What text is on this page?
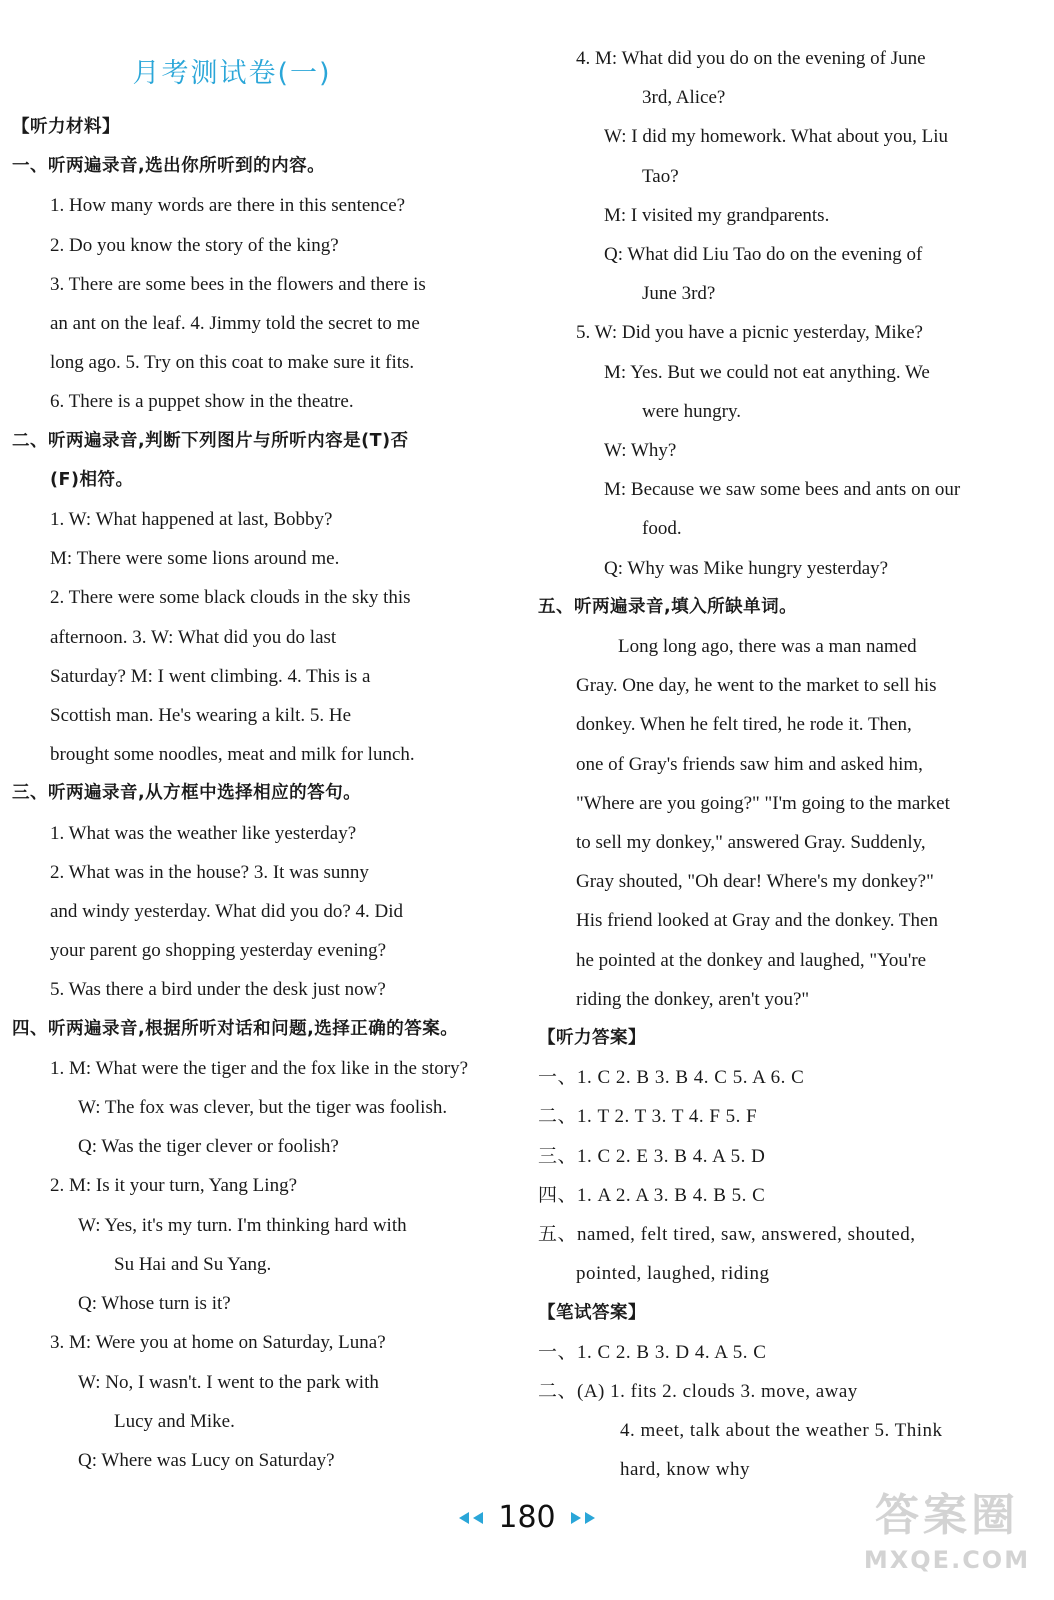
月考测试卷(一)
【听力材料】
一、听两遍录音,选出你所听到的内容。
1. How many words are there in this sentence?
2. Do you know the story of the king?
3. There are some bees in the flowers and there is
an ant on the leaf. 4. Jimmy told the secret to me
long ago. 5. Try on this coat to make sure it fits.
6. There is a puppet show in the theatre.
二、听两遍录音,判断下列图片与所听内容是(T)否
(F)相符。
1. W: What happened at last, Bobby?
M: There were some lions around me.
2. There were some black clouds in the sky this
afternoon. 3. W: What did you do last
Saturday? M: I went climbing. 4. This is a
Scottish man. He's wearing a kilt. 5. He
brought some noodles, meat and milk for lunch.
三、听两遍录音,从方框中选择相应的答句。
1. What was the weather like yesterday?
2. What was in the house? 3. It was sunny
and windy yesterday. What did you do? 4. Did
your parent go shopping yesterday evening?
5. Was there a bird under the desk just now?
四、听两遍录音,根据所听对话和问题,选择正确的答案。
1. M: What were the tiger and the fox like in the story?
W: The fox was clever, but the tiger was foolish.
Q: Was the tiger clever or foolish?
2. M: Is it your turn, Yang Ling?
W: Yes, it's my turn. I'm thinking hard with
Su Hai and Su Yang.
Q: Whose turn is it?
3. M: Were you at home on Saturday, Luna?
W: No, I wasn't. I went to the park with
Lucy and Mike.
Q: Where was Lucy on Saturday?
4. M: What did you do on the evening of June
3rd, Alice?
W: I did my homework. What about you, Liu
Tao?
M: I visited my grandparents.
Q: What did Liu Tao do on the evening of
June 3rd?
5. W: Did you have a picnic yesterday, Mike?
M: Yes. But we could not eat anything. We
were hungry.
W: Why?
M: Because we saw some bees and ants on our
food.
Q: Why was Mike hungry yesterday?
五、听两遍录音,填入所缺单词。
Long long ago, there was a man named
Gray. One day, he went to the market to sell his
donkey. When he felt tired, he rode it. Then,
one of Gray's friends saw him and asked him,
"Where are you going?" "I'm going to the market
to sell my donkey," answered Gray. Suddenly,
Gray shouted, "Oh dear! Where's my donkey?"
His friend looked at Gray and the donkey. Then
he pointed at the donkey and laughed, "You're
riding the donkey, aren't you?"
【听力答案】
一、1. C 2. B 3. B 4. C 5. A 6. C
二、1. T 2. T 3. T 4. F 5. F
三、1. C 2. E 3. B 4. A 5. D
四、1. A 2. A 3. B 4. B 5. C
五、named, felt tired, saw, answered, shouted,
pointed, laughed, riding
【笔试答案】
一、1. C 2. B 3. D 4. A 5. C
二、(A) 1. fits 2. clouds 3. move, away
4. meet, talk about the weather 5. Think
hard, know why
180	答案圈
MXQE.COM
